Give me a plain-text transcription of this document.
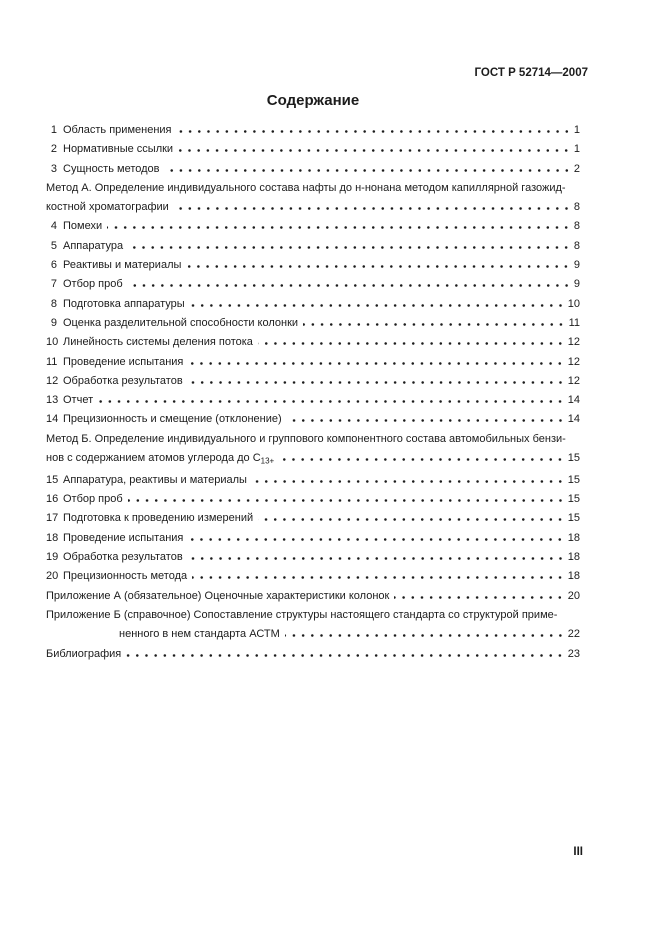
ГОСТ Р 52714—2007
Содержание
1 Область применения	1
2 Нормативные ссылки	1
3 Сущность методов	2
Метод А. Определение индивидуального состава нафты до н-нонана методом капиллярной газожид-
костной хроматографии	8
4 Помехи	8
5 Аппаратура	8
6 Реактивы и материалы	9
7 Отбор проб	9
8 Подготовка аппаратуры	10
9 Оценка разделительной способности колонки	11
10 Линейность системы деления потока	12
11 Проведение испытания	12
12 Обработка результатов	12
13 Отчет	14
14 Прецизионность и смещение (отклонение)	14
Метод Б. Определение индивидуального и группового компонентного состава автомобильных бензи-
нов с содержанием атомов углерода до $C_{13+}$	15
15 Аппаратура, реактивы и материалы	15
16 Отбор проб	15
17 Подготовка к проведению измерений	15
18 Проведение испытания	18
19 Обработка результатов	18
20 Прецизионность метода	18
Приложение А (обязательное) Оценочные характеристики колонок	20
Приложение Б (справочное) Сопоставление структуры настоящего стандарта со структурой приме-
ненного в нем стандарта АСТМ	22
Библиография	23
III
